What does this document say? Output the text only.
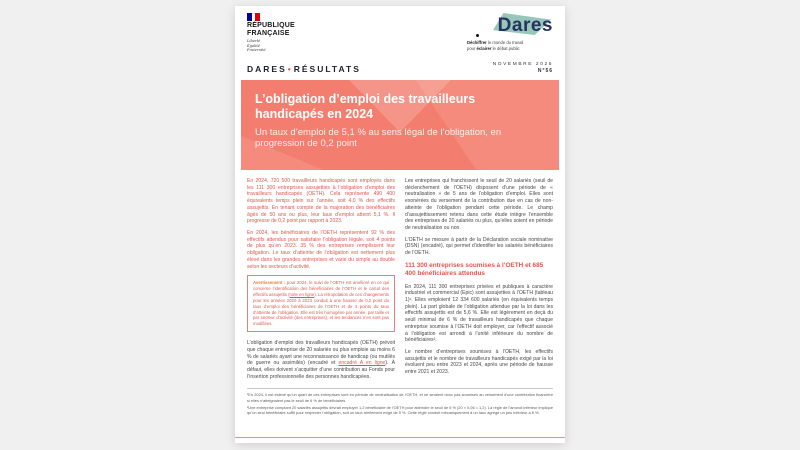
RÉPUBLIQUE
FRANÇAISE
Liberté
Égalité
Fraternité
Dares
Déchiffrer le monde du travail
pour éclairer le débat public
DARES•RÉSULTATS	NOVEMBRE 2025
N°56
L’obligation d’emploi des travailleurs handicapés en 2024
Un taux d’emploi de 5,1 % au sens légal de l’obligation, en progression de 0,2 point

En 2024, 720 500 travailleurs handicapés sont employés dans les 111 300 entreprises assujetties à l’obligation d’emploi des travailleurs handicapés (OETH). Cela représente 490 400 équivalents temps plein sur l’année, soit 4,0 % des effectifs assujettis. En tenant compte de la majoration des bénéficiaires âgés de 50 ans ou plus, leur taux d’emploi atteint 5,1 %. Il progresse de 0,2 point par rapport à 2023.

En 2024, les bénéficiaires de l’OETH représentent 92 % des effectifs attendus pour satisfaire l’obligation légale, soit 4 points de plus qu’en 2023. 35 % des entreprises remplissent leur obligation. Le taux d’atteinte de l’obligation est nettement plus élevé dans les grandes entreprises et varie du simple au double selon les secteurs d’activité.

Avertissement : pour 2024, le suivi de l’OETH est amélioré en ce qui concerne l’identification des bénéficiaires de l’OETH et le calcul des effectifs assujettis (note en ligne). La rétropolation de ces changements pour les années 2020 à 2023 conduit à une hausse de 0,2 point du taux d’emploi des bénéficiaires de l’OETH et de 4 points du taux d’atteinte de l’obligation. Elle est très homogène par année, par taille et par secteur d’activité (des entreprises), et les tendances n’en sont pas modifiées.

L’obligation d’emploi des travailleurs handicapés (OETH) prévoit que chaque entreprise de 20 salariés ou plus emploie au moins 6 % de salariés ayant une reconnaissance de handicap (ou mutilés de guerre ou assimilés) (encadré et encadré A en ligne). À défaut, elles doivent s’acquitter d’une contribution au Fonds pour l’insertion professionnelle des personnes handicapées.

Les entreprises qui franchissent le seuil de 20 salariés (seuil de déclenchement de l’OETH) disposent d’une période de « neutralisation » de 5 ans de l’obligation d’emploi. Elles sont exonérées du versement de la contribution due en cas de non-atteinte de l’obligation pendant cette période. Le champ d’assujettissement retenu dans cette étude intègre l’ensemble des entreprises de 20 salariés ou plus, qu’elles soient en période de neutralisation ou non.

L’OETH se mesure à partir de la Déclaration sociale nominative (DSN) (encadré), qui permet d’identifier les salariés bénéficiaires de l’OETH.

111 300 entreprises soumises à l’OETH et 685 400 bénéficiaires attendus

En 2024, 111 300 entreprises privées et publiques à caractère industriel et commercial (Epic) sont assujetties à l’OETH (tableau 1)¹. Elles emploient 12 334 600 salariés (en équivalents temps plein). La part globale de l’obligation attendue par la loi dans les effectifs assujettis est de 5,6 %. Elle est légèrement en deçà du seuil minimal de 6 % de travailleurs handicapés que chaque entreprise soumise à l’OETH doit employer, car l’effectif associé à l’obligation est arrondi à l’unité inférieure du nombre de bénéficiaires².

Le nombre d’entreprises soumises à l’OETH, les effectifs assujettis et le nombre de travailleurs handicapés exigé par la loi évoluent peu entre 2023 et 2024, après une période de hausse entre 2021 et 2023.

¹En 2024, il est estimé qu’un quart de ces entreprises sont en période de neutralisation de l’OETH, et ne seraient donc pas soumises au versement d’une contribution financière si elles n’atteignaient pas le seuil de 6 % de bénéficiaires.

²Une entreprise comptant 20 salariés assujettis devrait employer 1,2 bénéficiaire de l’OETH pour atteindre le seuil de 6 % (20 × 0,06 = 1,2). La règle de l’arrondi inférieur implique qu’un seul bénéficiaire suffit pour respecter l’obligation, soit un taux réellement exigé de 5 %. Cette règle conduit mécaniquement à un taux agrégé un peu inférieur à 6 %.
